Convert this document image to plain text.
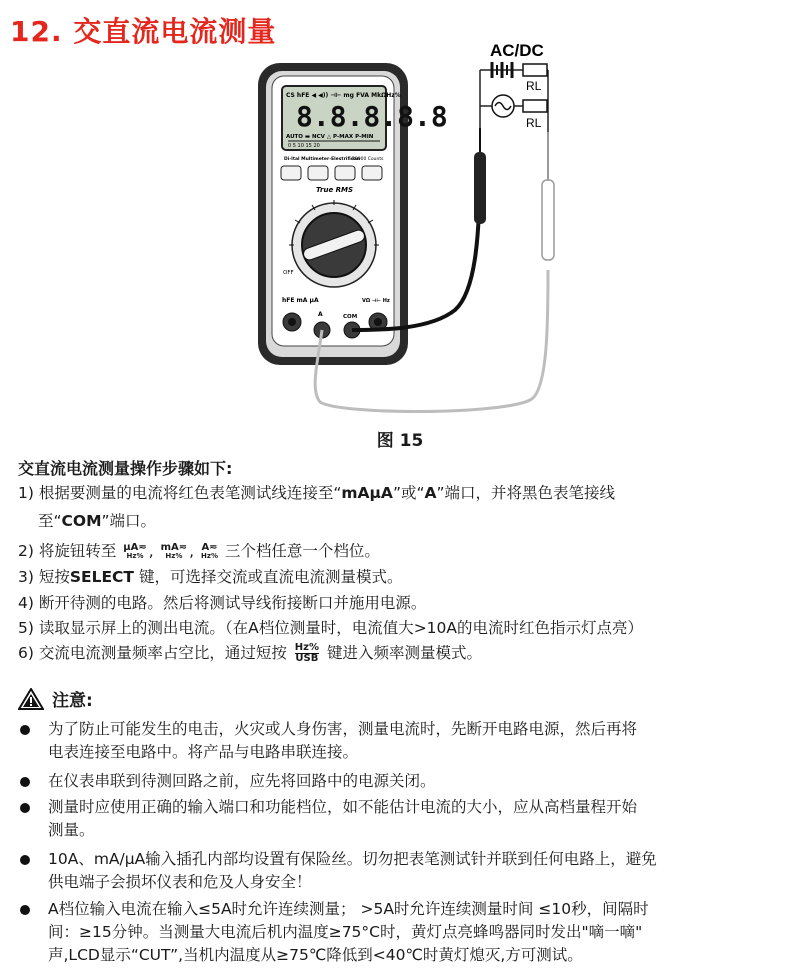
12. 交直流电流测量
CS hFE ◀ ◀)) ⊣⊢ mg FVA MkΩHz%
8.8.8.8.8
AUTO ▬ NCV △ P-MAX P-MIN
0 5 10 15 20
Di-Ital Multimeter-Elestrifidan
20000 Counts
True RMS
OFF
hFE mA µA
A	COM
VΩ ⊣⊢ Hz
AC/DC
RL
RL
图 15
交直流电流测量操作步骤如下:
1) 根据要测量的电流将红色表笔测试线连接至“mAµA”或“A”端口，并将黑色表笔接线
至“COM”端口。
2) 将旋钮转至 µA≂
Hz% , mA≂
Hz% , A≂
Hz% 三个档任意一个档位。
3) 短按SELECT 键，可选择交流或直流电流测量模式。
4) 断开待测的电路。然后将测试导线衔接断口并施用电源。
5) 读取显示屏上的测出电流。（在A档位测量时，电流值大>10A的电流时红色指示灯点亮）
6) 交流电流测量频率占空比，通过短按 Hz%
USB 键进入频率测量模式。
注意:
为了防止可能发生的电击，火灾或人身伤害，测量电流时，先断开电路电源，然后再将
电表连接至电路中。将产品与电路串联连接。
在仪表串联到待测回路之前，应先将回路中的电源关闭。
测量时应使用正确的输入端口和功能档位，如不能估计电流的大小，应从高档量程开始
测量。
10A、mA/µA输入插孔内部均设置有保险丝。切勿把表笔测试针并联到任何电路上，避免
供电端子会损坏仪表和危及人身安全！
A档位输入电流在输入≤5A时允许连续测量； >5A时允许连续测量时间 ≤10秒，间隔时
间：≥15分钟。当测量大电流后机内温度≥75°C时，黄灯点亮蜂鸣器同时发出"嘀一嘀"
声,LCD显示“CUT”,当机内温度从≥75℃降低到<40℃时黄灯熄灭,方可测试。
